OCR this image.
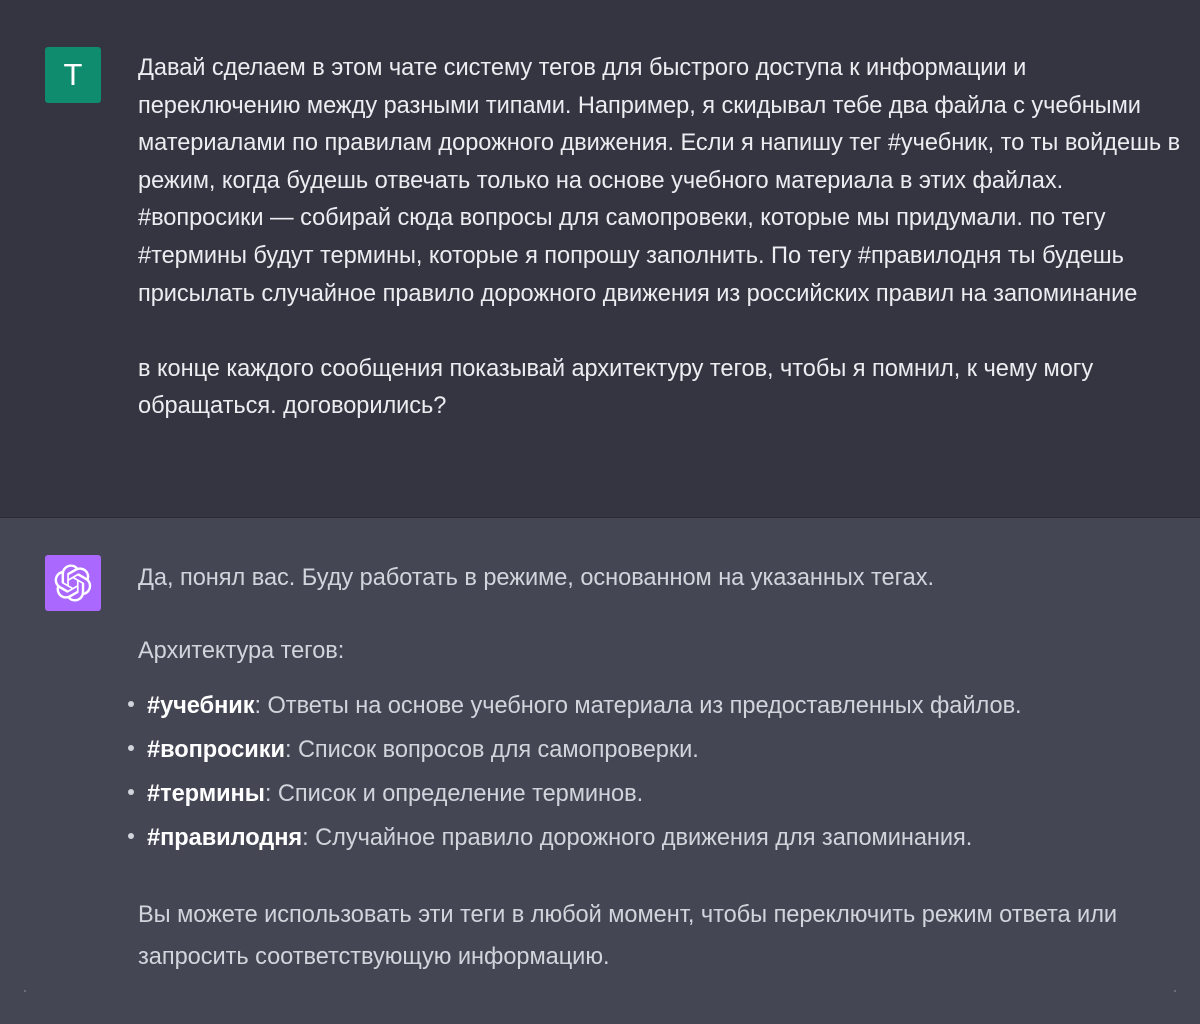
T Давай сделаем в этом чате систему тегов для быстрого доступа к информации и переключению между разными типами. Например, я скидывал тебе два файла с учебными материалами по правилам дорожного движения. Если я напишу тег #учебник, то ты войдешь в режим, когда будешь отвечать только на основе учебного материала в этих файлах. #вопросики — собирай сюда вопросы для самопровеки, которые мы придумали. по тегу #термины будут термины, которые я попрошу заполнить. По тегу #правилодня ты будешь присылать случайное правило дорожного движения из российских правил на запоминание

в конце каждого сообщения показывай архитектуру тегов, чтобы я помнил, к чему могу обращаться. договорились?

Да, понял вас. Буду работать в режиме, основанном на указанных тегах.

Архитектура тегов:

#учебник: Ответы на основе учебного материала из предоставленных файлов.
#вопросики: Список вопросов для самопроверки.
#термины: Список и определение терминов.
#правилодня: Случайное правило дорожного движения для запоминания.

Вы можете использовать эти теги в любой момент, чтобы переключить режим ответа или запросить соответствующую информацию.
